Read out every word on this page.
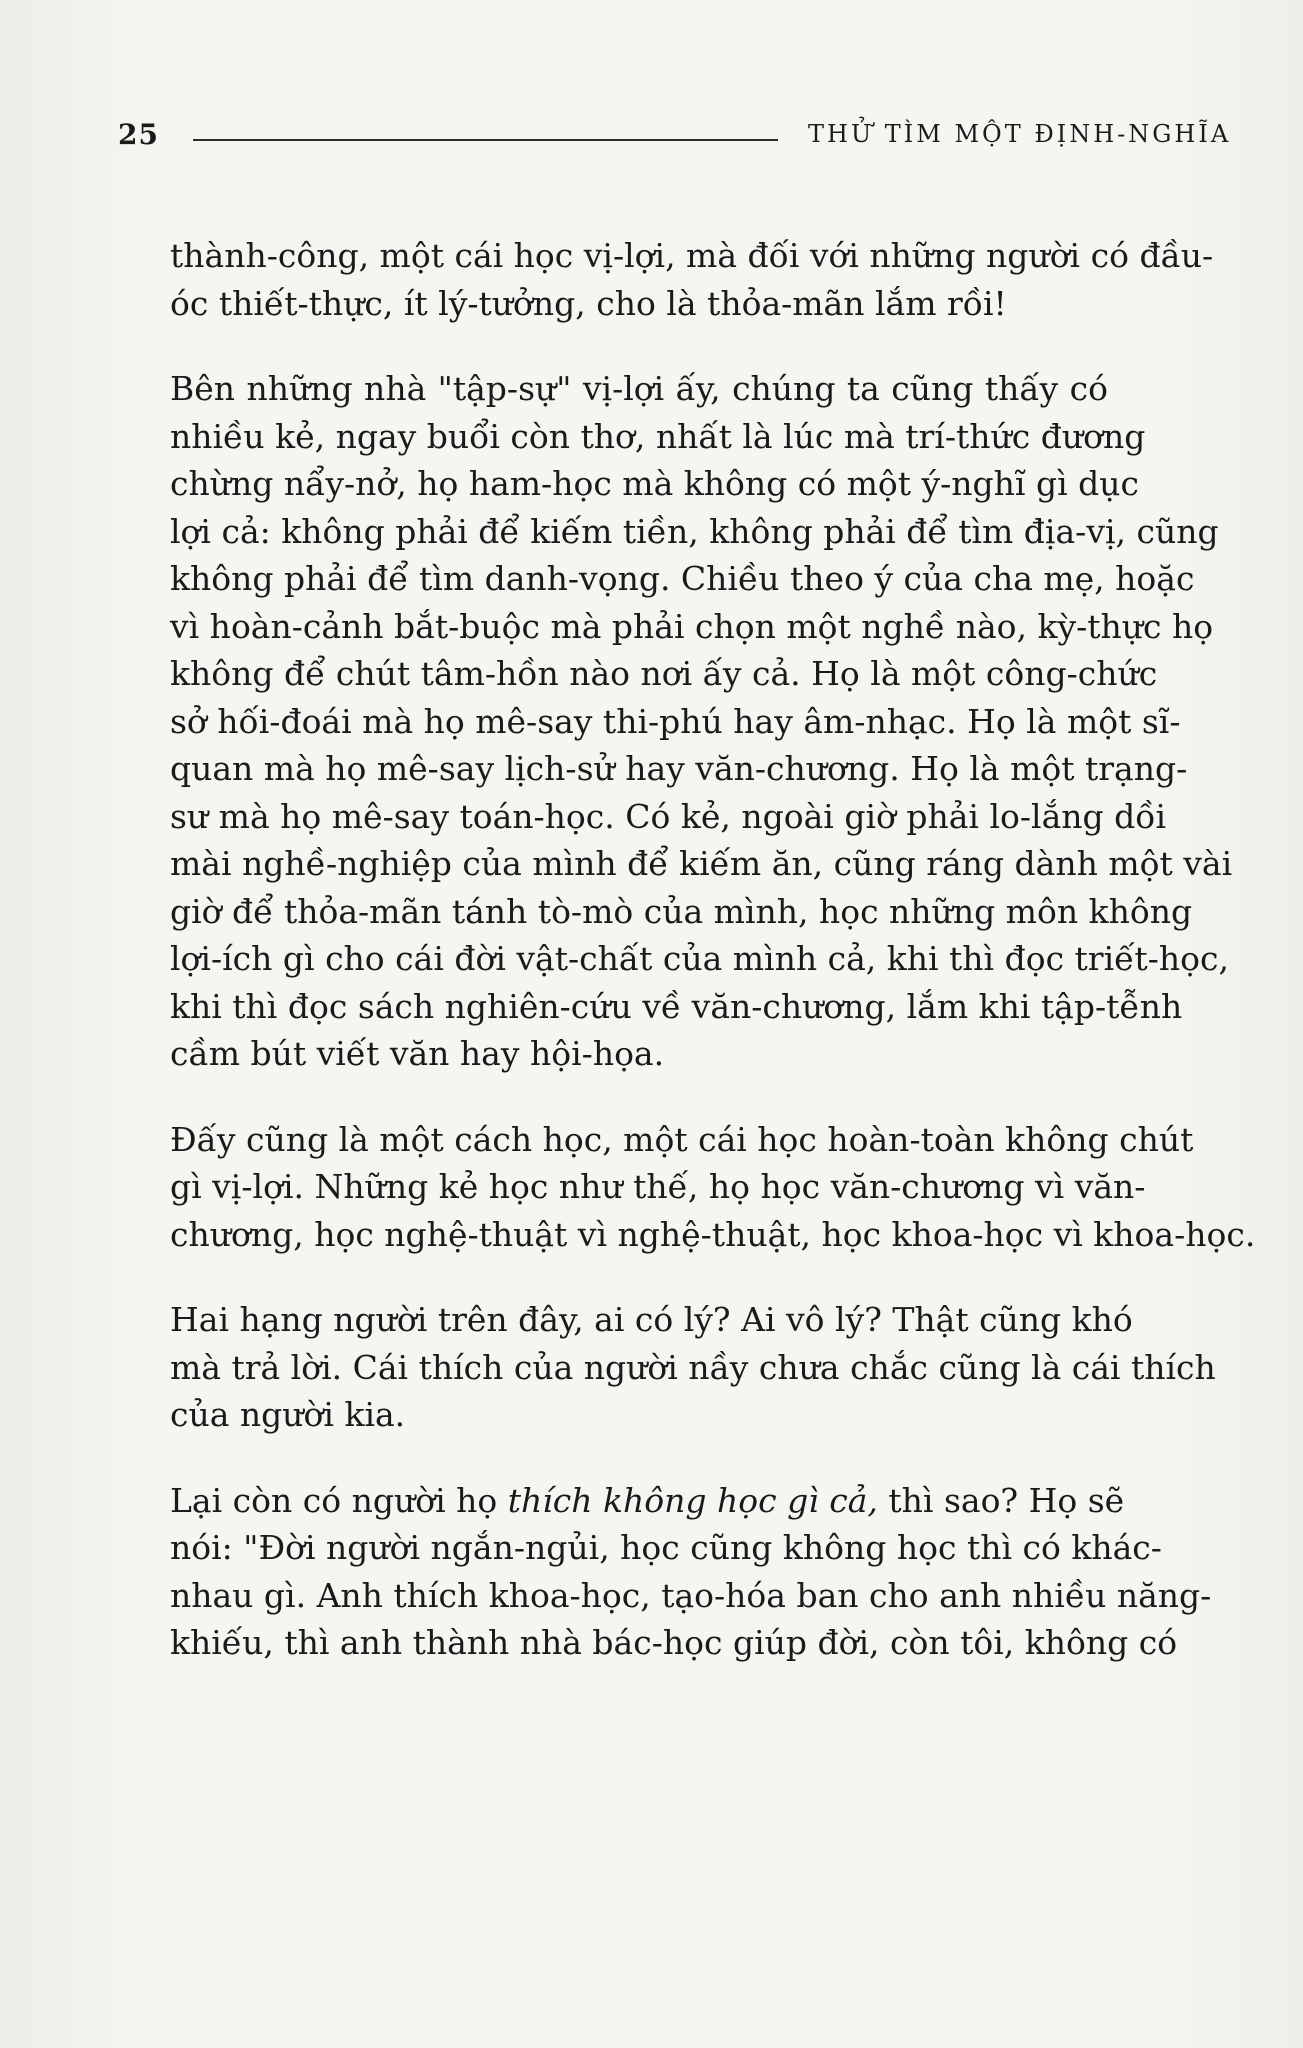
25	THỬ TÌM MỘT ĐỊNH-NGHĨA

thành-công, một cái học vị-lợi, mà đối với những người có đầu-
óc thiết-thực, ít lý-tưởng, cho là thỏa-mãn lắm rồi!

Bên những nhà "tập-sự" vị-lợi ấy, chúng ta cũng thấy có
nhiều kẻ, ngay buổi còn thơ, nhất là lúc mà trí-thức đương
chừng nẩy-nở, họ ham-học mà không có một ý-nghĩ gì dục
lợi cả: không phải để kiếm tiền, không phải để tìm địa-vị, cũng
không phải để tìm danh-vọng. Chiều theo ý của cha mẹ, hoặc
vì hoàn-cảnh bắt-buộc mà phải chọn một nghề nào, kỳ-thực họ
không để chút tâm-hồn nào nơi ấy cả. Họ là một công-chức
sở hối-đoái mà họ mê-say thi-phú hay âm-nhạc. Họ là một sĩ-
quan mà họ mê-say lịch-sử hay văn-chương. Họ là một trạng-
sư mà họ mê-say toán-học. Có kẻ, ngoài giờ phải lo-lắng dồi
mài nghề-nghiệp của mình để kiếm ăn, cũng ráng dành một vài
giờ để thỏa-mãn tánh tò-mò của mình, học những môn không
lợi-ích gì cho cái đời vật-chất của mình cả, khi thì đọc triết-học,
khi thì đọc sách nghiên-cứu về văn-chương, lắm khi tập-tễnh
cầm bút viết văn hay hội-họa.

Đấy cũng là một cách học, một cái học hoàn-toàn không chút
gì vị-lợi. Những kẻ học như thế, họ học văn-chương vì văn-
chương, học nghệ-thuật vì nghệ-thuật, học khoa-học vì khoa-học.

Hai hạng người trên đây, ai có lý? Ai vô lý? Thật cũng khó
mà trả lời. Cái thích của người nầy chưa chắc cũng là cái thích
của người kia.

Lại còn có người họ thích không học gì cả, thì sao? Họ sẽ
nói: "Đời người ngắn-ngủi, học cũng không học thì có khác-
nhau gì. Anh thích khoa-học, tạo-hóa ban cho anh nhiều năng-
khiếu, thì anh thành nhà bác-học giúp đời, còn tôi, không có
